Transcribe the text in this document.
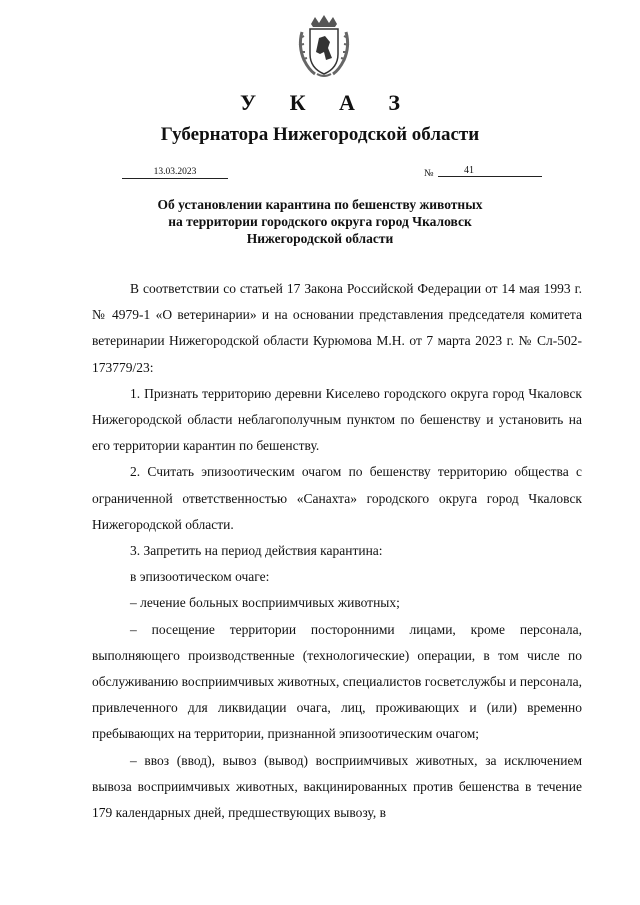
У К А З
Губернатора Нижегородской области
13.03.2023	№	41
Об установлении карантина по бешенству животных
на территории городского округа город Чкаловск
Нижегородской области

В соответствии со статьей 17 Закона Российской Федерации от 14 мая 1993 г. № 4979-1 «О ветеринарии» и на основании представления председателя комитета ветеринарии Нижегородской области Курюмова М.Н. от 7 марта 2023 г. № Сл-502-173779/23:

1. Признать территорию деревни Киселево городского округа город Чкаловск Нижегородской области неблагополучным пунктом по бешенству и установить на его территории карантин по бешенству.

2. Считать эпизоотическим очагом по бешенству территорию общества с ограниченной ответственностью «Санахта» городского округа город Чкаловск Нижегородской области.

3. Запретить на период действия карантина:

в эпизоотическом очаге:

– лечение больных восприимчивых животных;

– посещение территории посторонними лицами, кроме персонала, выполняющего производственные (технологические) операции, в том числе по обслуживанию восприимчивых животных, специалистов госветслужбы и персонала, привлеченного для ликвидации очага, лиц, проживающих и (или) временно пребывающих на территории, признанной эпизоотическим очагом;

– ввоз (ввод), вывоз (вывод) восприимчивых животных, за исключением вывоза восприимчивых животных, вакцинированных против бешенства в течение 179 календарных дней, предшествующих вывозу, в
